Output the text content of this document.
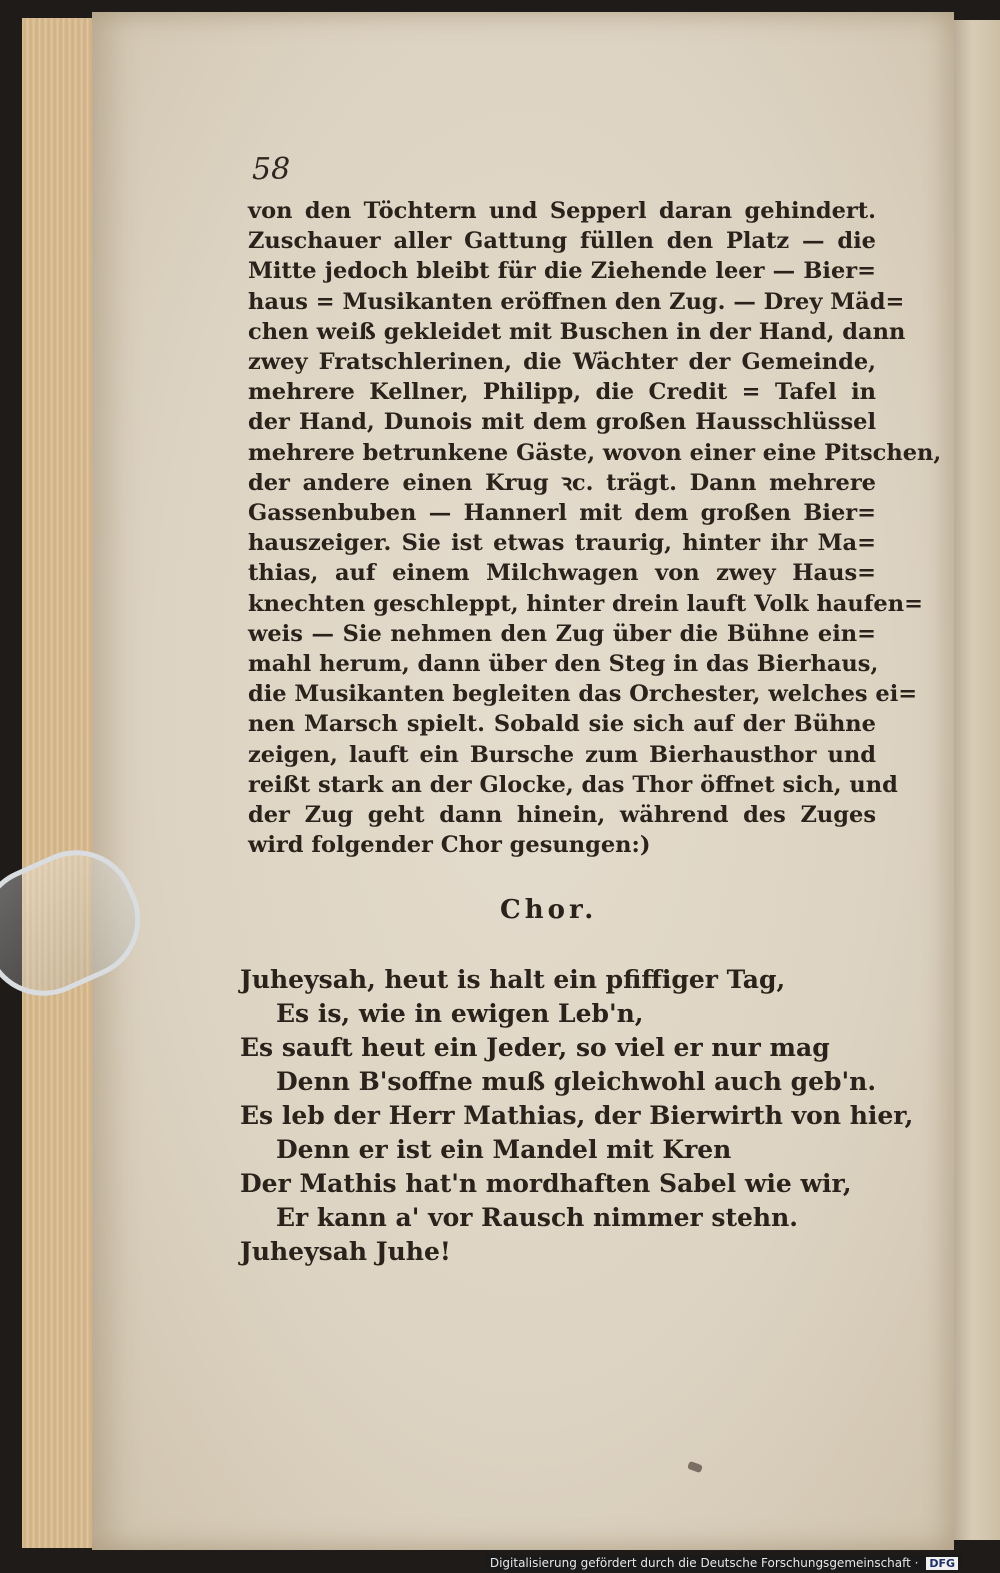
58
von den Töchtern und Sepperl daran gehindert.
Zuschauer aller Gattung füllen den Platz — die
Mitte jedoch bleibt für die Ziehende leer — Bier=
haus = Musikanten eröffnen den Zug. — Drey Mäd=
chen weiß gekleidet mit Buschen in der Hand, dann
zwey Fratschlerinen, die Wächter der Gemeinde,
mehrere Kellner, Philipp, die Credit = Tafel in
der Hand, Dunois mit dem großen Hausschlüssel
mehrere betrunkene Gäste, wovon einer eine Pitschen,
der andere einen Krug ꝛc. trägt. Dann mehrere
Gassenbuben — Hannerl mit dem großen Bier=
hauszeiger. Sie ist etwas traurig, hinter ihr Ma=
thias, auf einem Milchwagen von zwey Haus=
knechten geschleppt, hinter drein lauft Volk haufen=
weis — Sie nehmen den Zug über die Bühne ein=
mahl herum, dann über den Steg in das Bierhaus,
die Musikanten begleiten das Orchester, welches ei=
nen Marsch spielt. Sobald sie sich auf der Bühne
zeigen, lauft ein Bursche zum Bierhausthor und
reißt stark an der Glocke, das Thor öffnet sich, und
der Zug geht dann hinein, während des Zuges
wird folgender Chor gesungen:)
Chor.
Juheysah, heut is halt ein pfiffiger Tag,
Es is, wie in ewigen Leb'n,
Es sauft heut ein Jeder, so viel er nur mag
Denn B'soffne muß gleichwohl auch geb'n.
Es leb der Herr Mathias, der Bierwirth von hier,
Denn er ist ein Mandel mit Kren
Der Mathis hat'n mordhaften Sabel wie wir,
Er kann a' vor Rausch nimmer stehn.
Juheysah Juhe!
Digitalisierung gefördert durch die Deutsche Forschungsgemeinschaft · DFG
